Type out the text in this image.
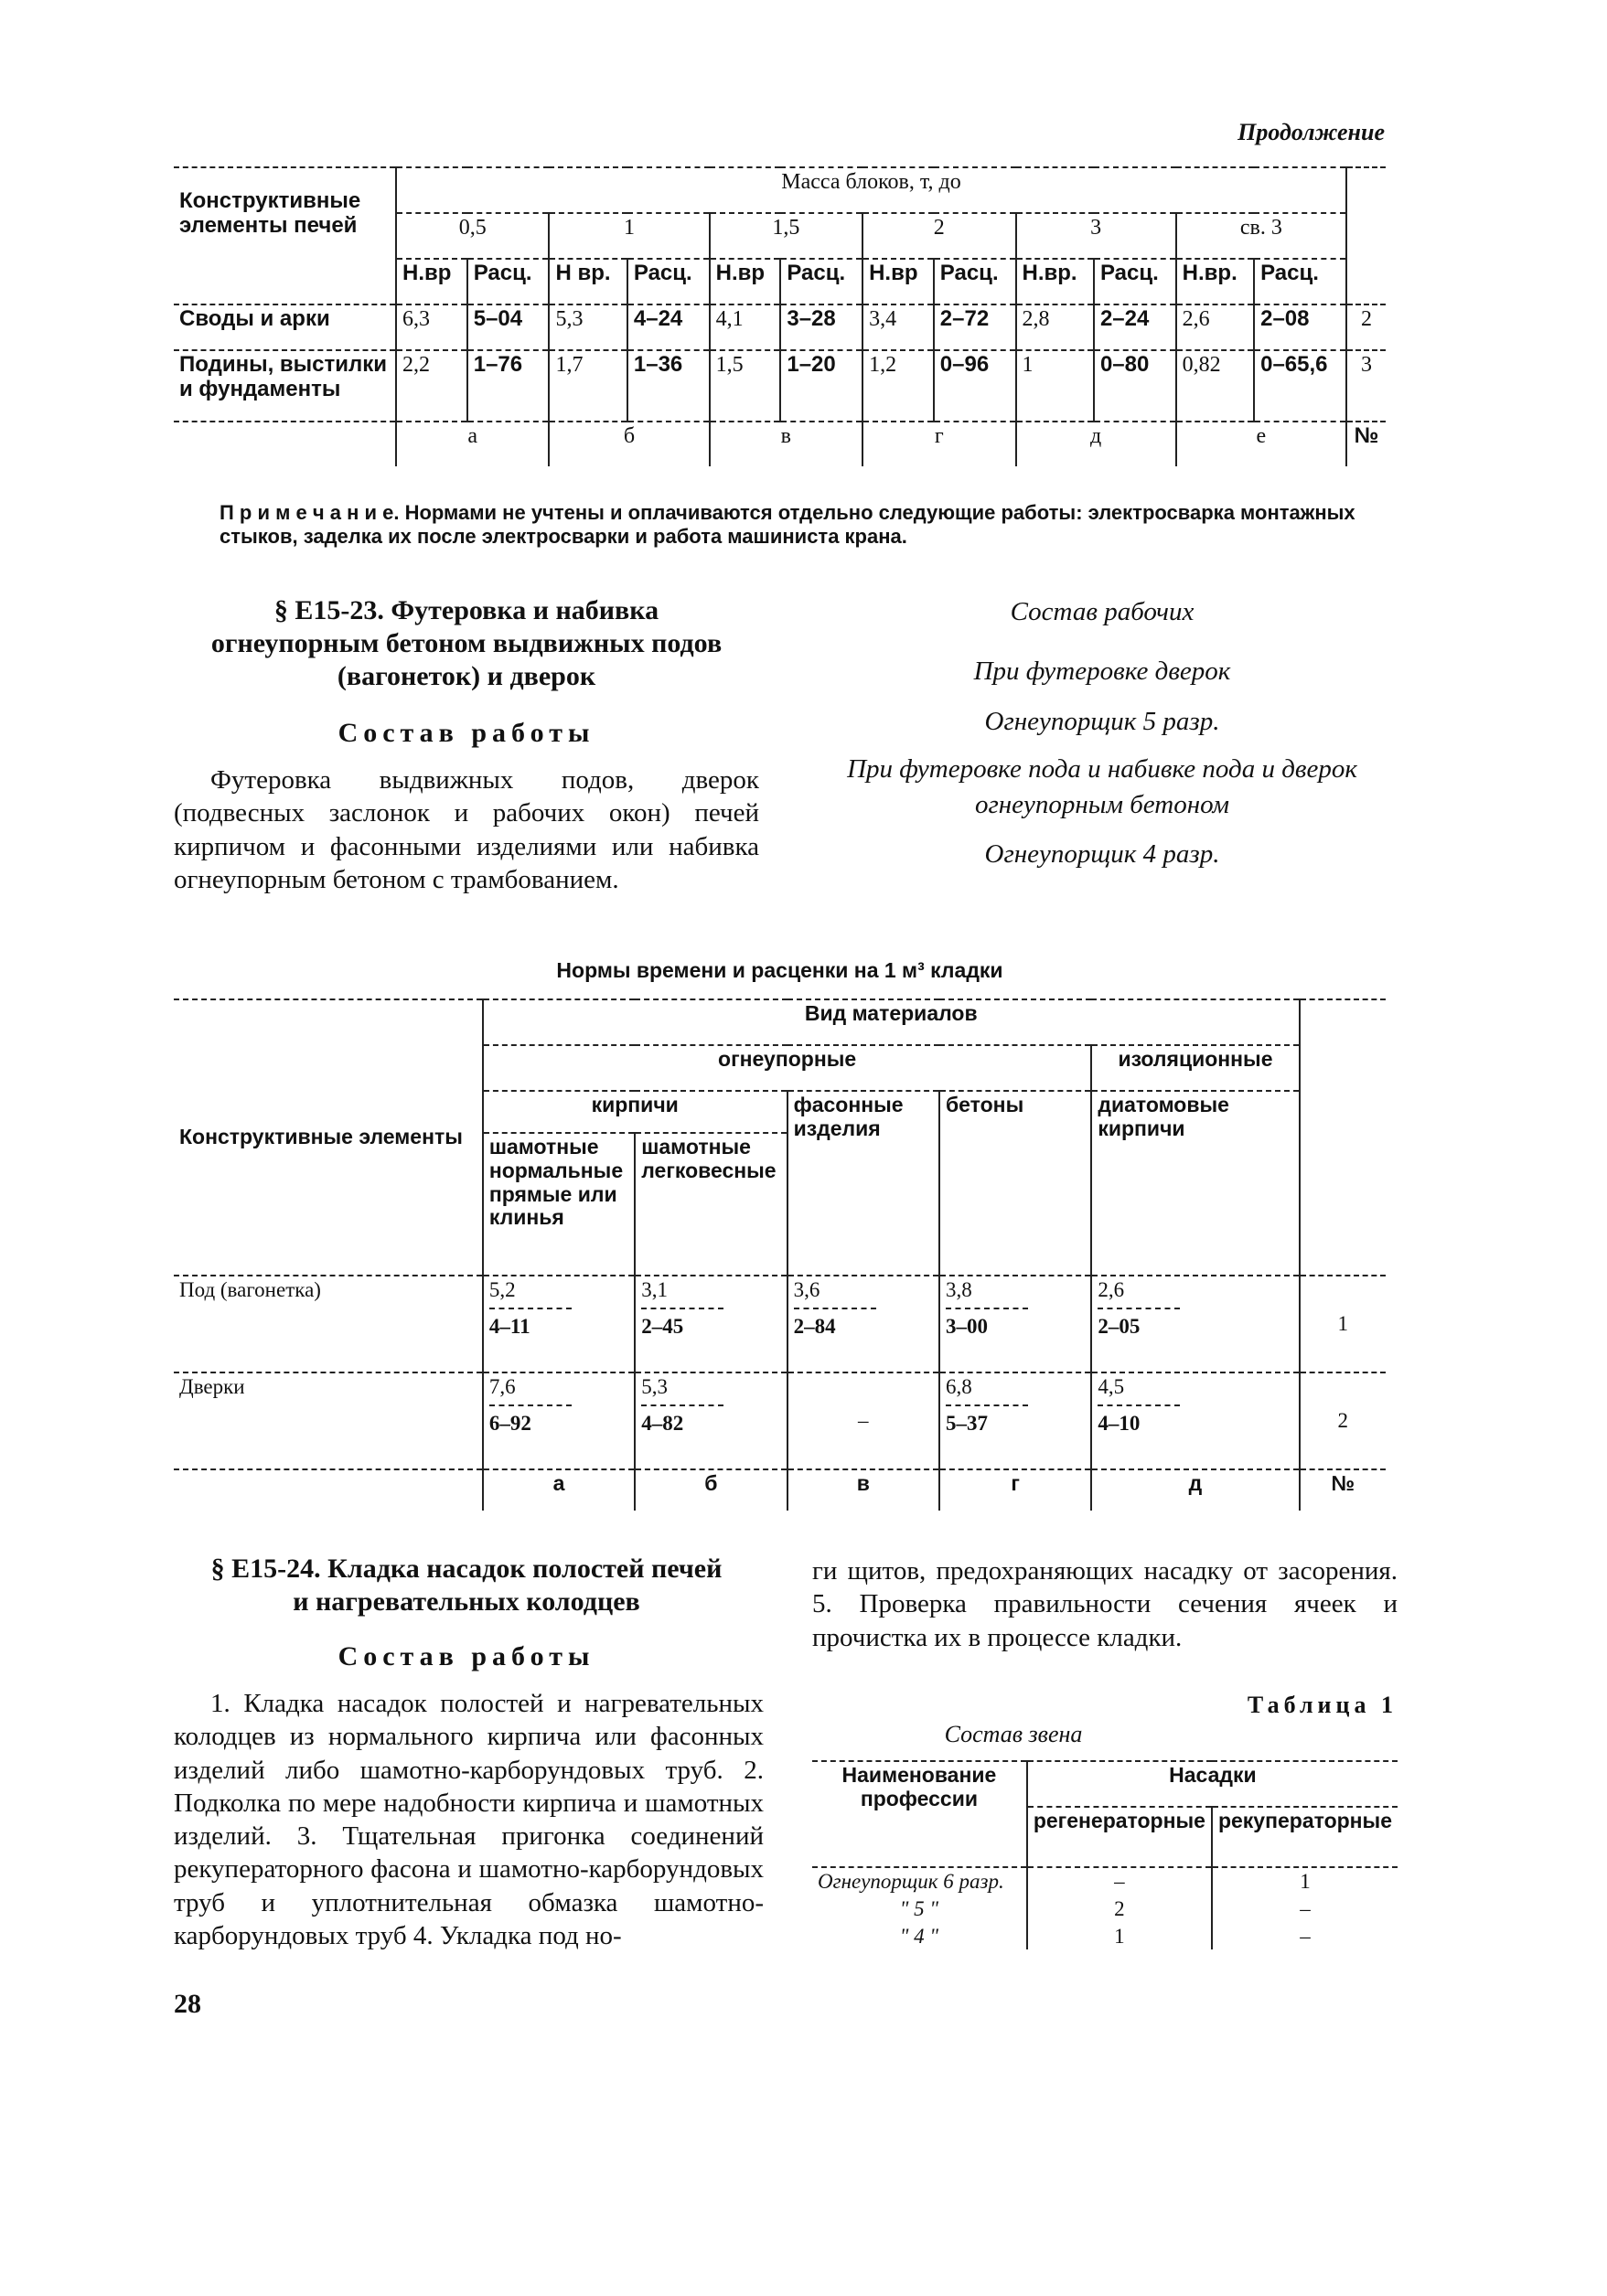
Продолжение
Конструктивные элементы печей	Масса блоков, т, до												
	0,5		1		1,5		2		3		св. 3		
	Н.вр	Расц.	Н вр.	Расц.	Н.вр	Расц.	Н.вр	Расц.	Н.вр.	Расц.	Н.вр.	Расц.	
Своды и арки	6,3	5–04	5,3	4–24	4,1	3–28	3,4	2–72	2,8	2–24	2,6	2–08	2
Подины, выстилки и фундаменты	2,2	1–76	1,7	1–36	1,5	1–20	1,2	0–96	1	0–80	0,82	0–65,6	3
	а		б		в		г		д		е		№
П р и м е ч а н и е. Нормами не учтены и оплачиваются отдельно следующие работы: электросварка монтажных стыков, заделка их после электросварки и работа машиниста крана.
§ Е15-23. Футеровка и набивка огнеупорным бетоном выдвижных подов (вагонеток) и дверок
Состав работы
Футеровка выдвижных подов, дверок (подвесных заслонок и рабочих окон) печей кирпичом и фасонными изделиями или набивка огнеупорным бетоном с трамбованием.
Состав рабочих
При футеровке дверок
Огнеупорщик 5 разр.
При футеровке пода и набивке пода и дверок огнеупорным бетоном
Огнеупорщик 4 разр.
Нормы времени и расценки на 1 м³ кладки
Конструктивные элементы	Вид материалов					
	огнеупорные				изоляционные	
	кирпичи		фасонные изделия	бетоны	диатомовые кирпичи	
	шамотные нормальные прямые или клинья	шамотные легковесные				
Под (вагонетка)	$\frac{5,2}{4-11}$	$\frac{3,1}{2-45}$	$\frac{3,6}{2-84}$	$\frac{3,8}{3-00}$	$\frac{2,6}{2-05}$	1
Дверки	$\frac{7,6}{6-92}$	$\frac{5,3}{4-82}$	–	$\frac{6,8}{5-37}$	$\frac{4,5}{4-10}$	2
	а	б	в	г	д	№
§ Е15-24. Кладка насадок полостей печей и нагревательных колодцев
Состав работы
1. Кладка насадок полостей и нагревательных колодцев из нормального кирпича или фасонных изделий либо шамотно-карборундовых труб. 2. Подколка по мере надобности кирпича и шамотных изделий. 3. Тщательная пригонка соединений рекуператорного фасона и шамотно-карборундовых труб и уплотнительная обмазка шамотно-карборундовых труб 4. Укладка под но-
ги щитов, предохраняющих насадку от засорения. 5. Проверка правильности сечения ячеек и прочистка их в процессе кладки.
Таблица 1
Состав звена
Наименование профессии	Насадки	
	регенераторные	рекуператорные
Огнеупорщик 6 разр.	–	1
" 5 "	2	–
" 4 "	1	–
28
